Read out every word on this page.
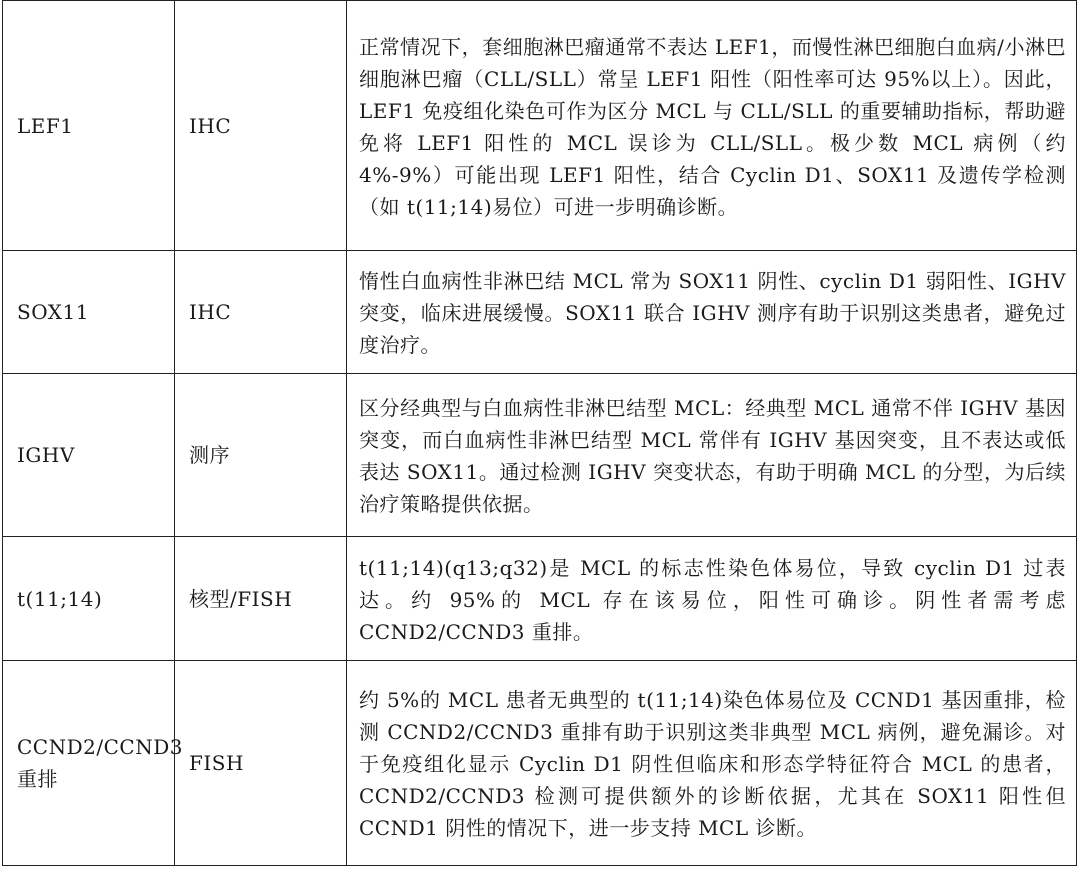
LEF1	IHC	正常情况下，套细胞淋巴瘤通常不表达 LEF1，而慢性淋巴细胞白血病/小淋巴细胞淋巴瘤（CLL/SLL）常呈 LEF1 阳性（阳性率可达 95%以上）。因此，LEF1 免疫组化染色可作为区分 MCL 与 CLL/SLL 的重要辅助指标，帮助避免将 LEF1 阳性的 MCL 误诊为 CLL/SLL。极少数 MCL 病例（约 4%-9%）可能出现 LEF1 阳性，结合 Cyclin D1、SOX11 及遗传学检测（如 t(11;14)易位）可进一步明确诊断。
SOX11	IHC	惰性白血病性非淋巴结 MCL 常为 SOX11 阴性、cyclin D1 弱阳性、IGHV 突变，临床进展缓慢。SOX11 联合 IGHV 测序有助于识别这类患者，避免过度治疗。
IGHV	测序	区分经典型与白血病性非淋巴结型 MCL：经典型 MCL 通常不伴 IGHV 基因突变，而白血病性非淋巴结型 MCL 常伴有 IGHV 基因突变，且不表达或低表达 SOX11。通过检测 IGHV 突变状态，有助于明确 MCL 的分型，为后续治疗策略提供依据。
t(11;14)	核型/FISH	t(11;14)(q13;q32)是 MCL 的标志性染色体易位，导致 cyclin D1 过表达。约 95%的 MCL 存在该易位，阳性可确诊。阴性者需考虑 CCND2/CCND3 重排。
CCND2/CCND3 重排	FISH	约 5%的 MCL 患者无典型的 t(11;14)染色体易位及 CCND1 基因重排，检测 CCND2/CCND3 重排有助于识别这类非典型 MCL 病例，避免漏诊。对于免疫组化显示 Cyclin D1 阴性但临床和形态学特征符合 MCL 的患者，CCND2/CCND3 检测可提供额外的诊断依据，尤其在 SOX11 阳性但 CCND1 阴性的情况下，进一步支持 MCL 诊断。
